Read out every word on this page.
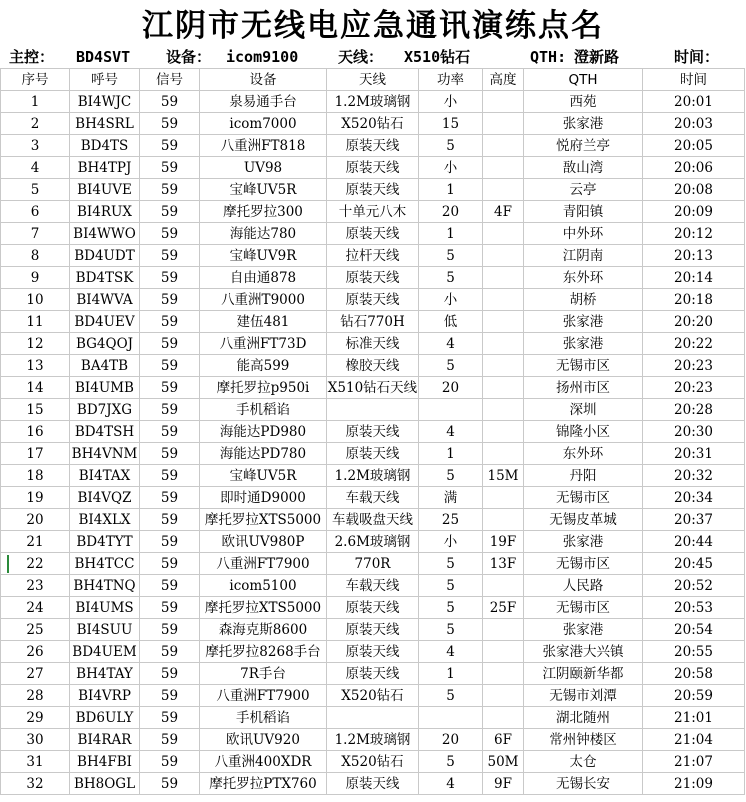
江阴市无线电应急通讯演练点名
主控： BD4SVT 设备： icom9100	天线： X510钻石	QTH: 澄新路	时间：
序号	呼号	信号	设备	天线	功率	高度	QTH	时间
1	BI4WJC	59	泉易通手台	1.2M玻璃钢	小		西苑	20:01
2	BH4SRL	59	icom7000	X520钻石	15		张家港	20:03
3	BD4TS	59	八重洲FT818	原装天线	5		悦府兰亭	20:05
4	BH4TPJ	59	UV98	原装天线	小		敔山湾	20:06
5	BI4UVE	59	宝峰UV5R	原装天线	1		云亭	20:08
6	BI4RUX	59	摩托罗拉300	十单元八木	20	4F	青阳镇	20:09
7	BI4WWO	59	海能达780	原装天线	1		中外环	20:12
8	BD4UDT	59	宝峰UV9R	拉杆天线	5		江阴南	20:13
9	BD4TSK	59	自由通878	原装天线	5		东外环	20:14
10	BI4WVA	59	八重洲T9000	原装天线	小		胡桥	20:18
11	BD4UEV	59	建伍481	钻石770H	低		张家港	20:20
12	BG4QOJ	59	八重洲FT73D	标准天线	4		张家港	20:22
13	BA4TB	59	能高599	橡胶天线	5		无锡市区	20:23
14	BI4UMB	59	摩托罗拉p950i	X510钻石天线	20		扬州市区	20:23
15	BD7JXG	59	手机稻谄				深圳	20:28
16	BD4TSH	59	海能达PD980	原装天线	4		锦隆小区	20:30
17	BH4VNM	59	海能达PD780	原装天线	1		东外环	20:31
18	BI4TAX	59	宝峰UV5R	1.2M玻璃钢	5	15M	丹阳	20:32
19	BI4VQZ	59	即时通D9000	车载天线	满		无锡市区	20:34
20	BI4XLX	59	摩托罗拉XTS5000	车载吸盘天线	25		无锡皮革城	20:37
21	BD4TYT	59	欧讯UV980P	2.6M玻璃钢	小	19F	张家港	20:44
22	BH4TCC	59	八重洲FT7900	770R	5	13F	无锡市区	20:45
23	BH4TNQ	59	icom5100	车载天线	5		人民路	20:52
24	BI4UMS	59	摩托罗拉XTS5000	原装天线	5	25F	无锡市区	20:53
25	BI4SUU	59	森海克斯8600	原装天线	5		张家港	20:54
26	BD4UEM	59	摩托罗拉8268手台	原装天线	4		张家港大兴镇	20:55
27	BH4TAY	59	7R手台	原装天线	1		江阴颐新华都	20:58
28	BI4VRP	59	八重洲FT7900	X520钻石	5		无锡市刘潭	20:59
29	BD6ULY	59	手机稻谄				湖北随州	21:01
30	BI4RAR	59	欧讯UV920	1.2M玻璃钢	20	6F	常州钟楼区	21:04
31	BH4FBI	59	八重洲400XDR	X520钻石	5	50M	太仓	21:07
32	BH8OGL	59	摩托罗拉PTX760	原装天线	4	9F	无锡长安	21:09
